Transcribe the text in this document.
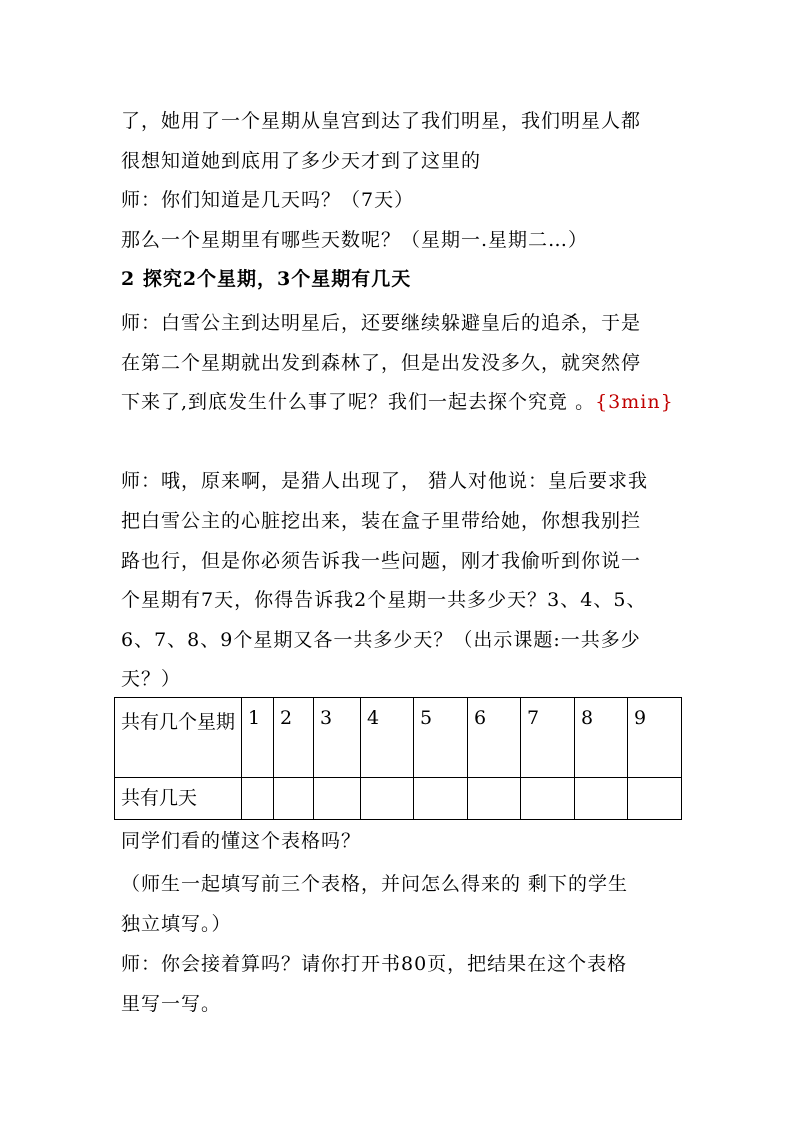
了，她用了一个星期从皇宫到达了我们明星，我们明星人都
很想知道她到底用了多少天才到了这里的
师：你们知道是几天吗？（7天）
那么一个星期里有哪些天数呢？（星期一.星期二…）
2 探究2个星期，3个星期有几天
师：白雪公主到达明星后，还要继续躲避皇后的追杀，于是
在第二个星期就出发到森林了，但是出发没多久，就突然停
下来了,到底发生什么事了呢？我们一起去探个究竟 。{3min}
师：哦，原来啊，是猎人出现了， 猎人对他说：皇后要求我
把白雪公主的心脏挖出来，装在盒子里带给她，你想我别拦
路也行，但是你必须告诉我一些问题，刚才我偷听到你说一
个星期有7天，你得告诉我2个星期一共多少天？3、4、5、
6、7、8、9个星期又各一共多少天？（出示课题:一共多少
天？）
共有几个星期	1	2	3	4	5	6	7	8	9
共有几天									
同学们看的懂这个表格吗？
（师生一起填写前三个表格，并问怎么得来的 剩下的学生
独立填写。）
师：你会接着算吗？请你打开书80页，把结果在这个表格
里写一写。
